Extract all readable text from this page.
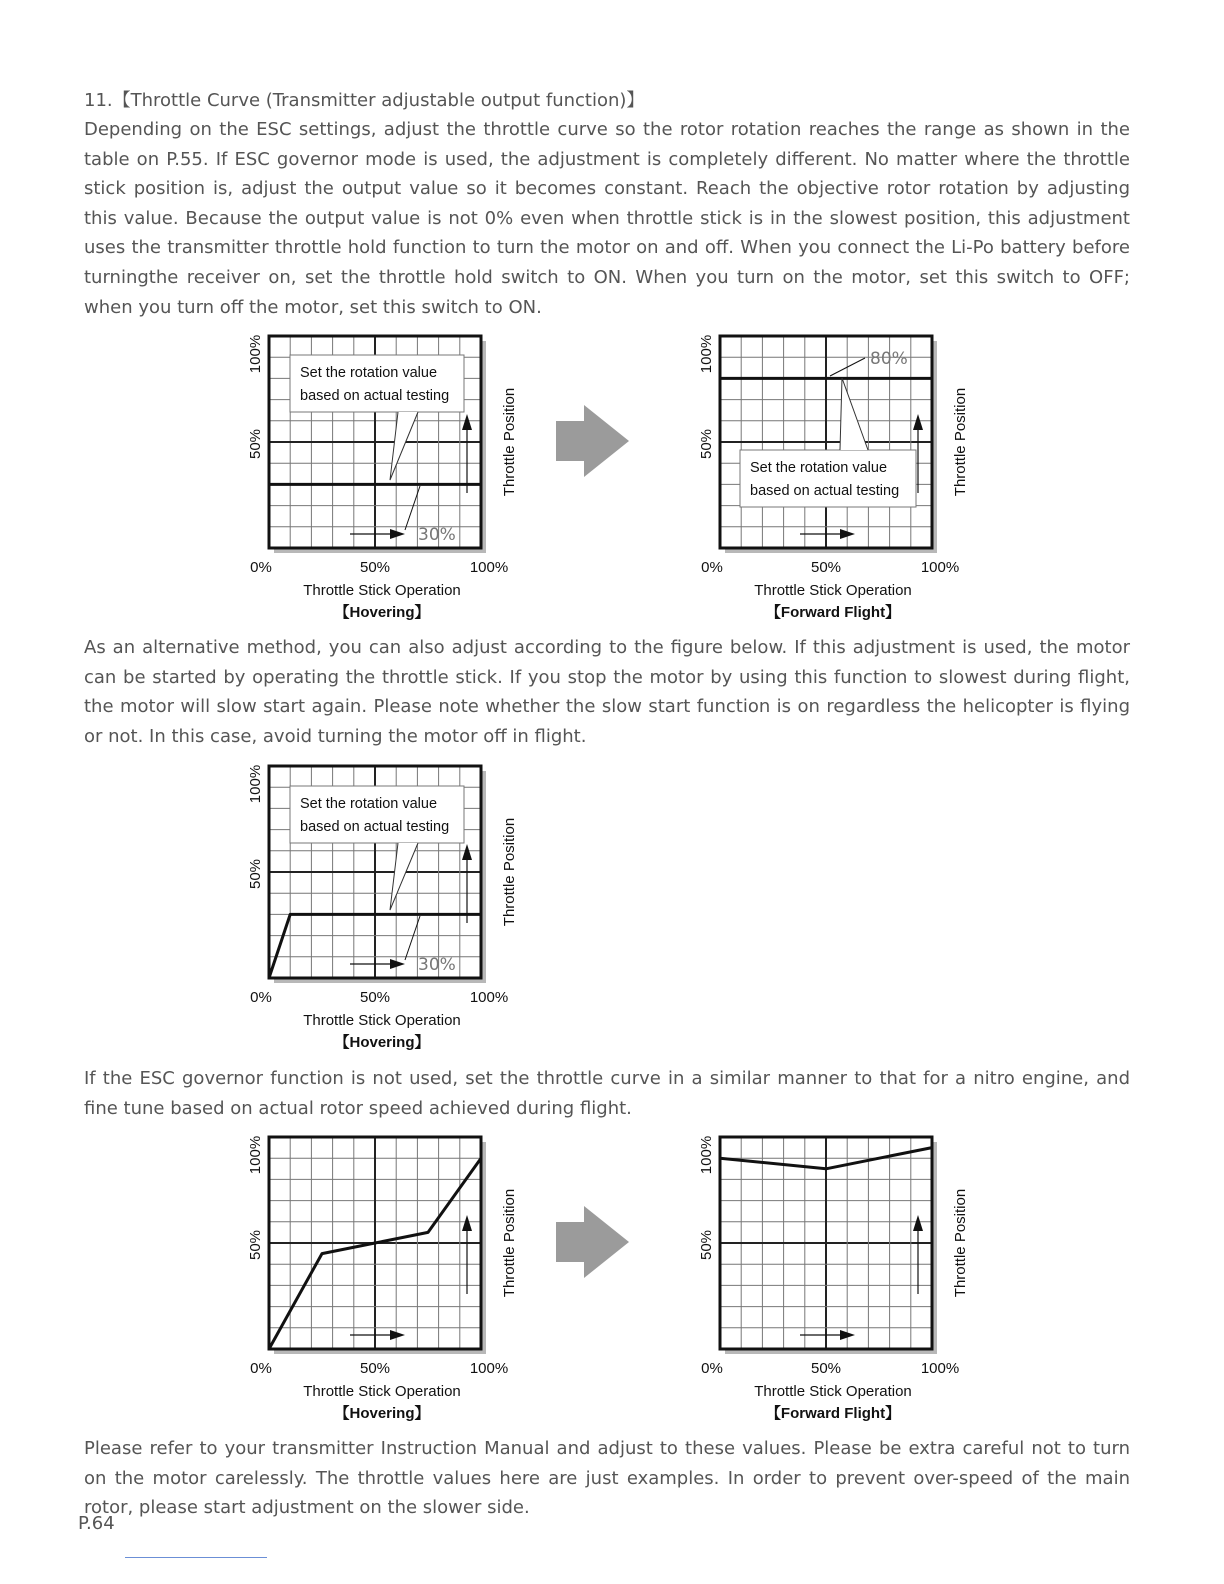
11.【Throttle Curve (Transmitter adjustable output function)】

Depending on the ESC settings, adjust the throttle curve so the rotor rotation reaches the range as shown in the table on P.55. If ESC governor mode is used, the adjustment is completely different. No matter where the throttle stick position is, adjust the output value so it becomes constant. Reach the objective rotor rotation by adjusting this value. Because the output value is not 0% even when throttle stick is in the slowest position, this adjustment uses the transmitter throttle hold function to turn the motor on and off. When you connect the Li-Po battery before turningthe receiver on, set the throttle hold switch to ON. When you turn on the motor, set this switch to OFF; when you turn off the motor, set this switch to ON.

As an alternative method, you can also adjust according to the figure below. If this adjustment is used, the motor can be started by operating the throttle stick. If you stop the motor by using this function to slowest during flight, the motor will slow start again. Please note whether the slow start function is on regardless the helicopter is flying or not. In this case, avoid turning the motor off in flight.

If the ESC governor function is not used, set the throttle curve in a similar manner to that for a nitro engine, and fine tune based on actual rotor speed achieved during flight.

Please refer to your transmitter Instruction Manual and adjust to these values. Please be extra careful not to turn on the motor carelessly. The throttle values here are just examples. In order to prevent over-speed of the main rotor, please start adjustment on the slower side.

P.64
Set the rotation value
based on actual testing
30%
100%
50%	Throttle Position
0%	50%	100%
Throttle Stick Operation
【Hovering】
Set the rotation value
based on actual testing
80%
100%
50%	Throttle Position
0%	50%	100%
Throttle Stick Operation
【Forward Flight】
Set the rotation value
based on actual testing
30%
100%
50%	Throttle Position
0%	50%	100%
Throttle Stick Operation
【Hovering】
100%
50%	Throttle Position
0%	50%	100%
Throttle Stick Operation
【Hovering】
100%
50%	Throttle Position
0%	50%	100%
Throttle Stick Operation
【Forward Flight】
